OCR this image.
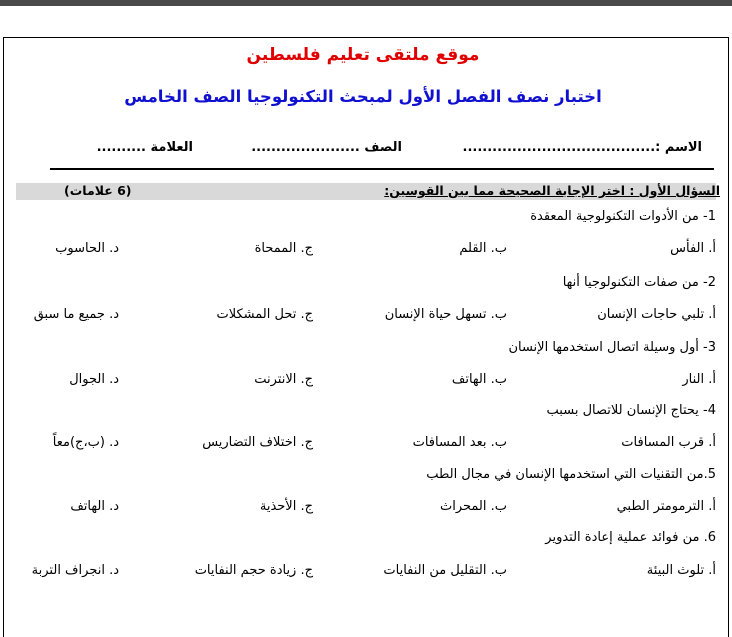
موقع ملتقى تعليم فلسطين
اختبار نصف الفصل الأول لمبحث التكنولوجيا الصف الخامس
الاسم :.......................................
الصف ......................
العلامة ..........
السؤال الأول : اختر الإجابة الصحيحة مما بين القوسين:
(6 علامات)
1- من الأدوات التكنولوجية المعقدة
أ. الفأس
ب. القلم
ج. الممحاة
د. الحاسوب
2- من صفات التكنولوجيا أنها
أ. تلبي حاجات الإنسان
ب. تسهل حياة الإنسان
ج. تحل المشكلات
د. جميع ما سبق
3- أول وسيلة اتصال استخدمها الإنسان
أ. النار
ب. الهاتف
ج. الانترنت
د. الجوال
4- يحتاج الإنسان للاتصال بسبب
أ. قرب المسافات
ب. بعد المسافات
ج. اختلاف التضاريس
د. (ب،ج)معاً
5.من التقنيات التي استخدمها الإنسان في مجال الطب
أ. الترمومتر الطبي
ب. المحراث
ج. الأحذية
د. الهاتف
6. من فوائد عملية إعادة التدوير
أ. تلوث البيئة
ب. التقليل من النفايات
ج. زيادة حجم النفايات
د. انجراف التربة
